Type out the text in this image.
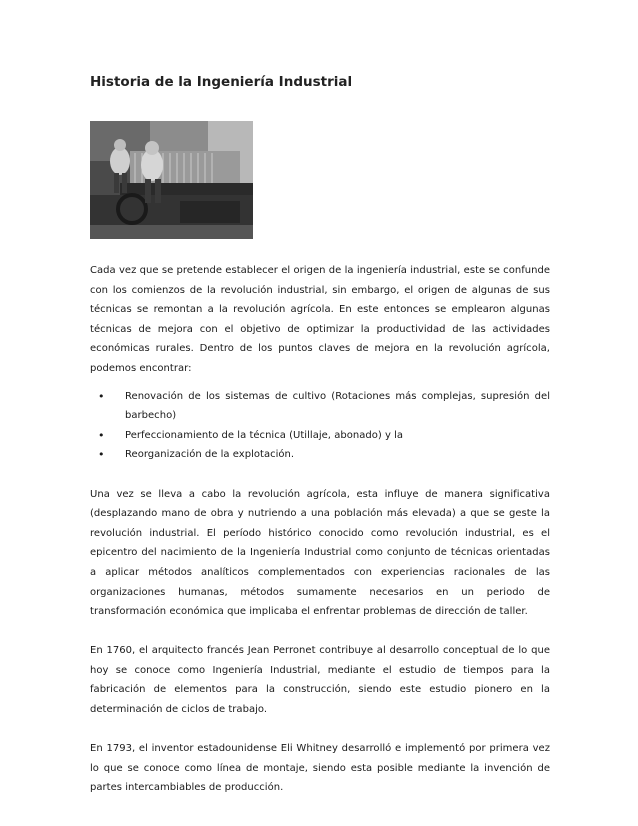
Historia de la Ingeniería Industrial

Cada vez que se pretende establecer el origen de la ingeniería industrial, este se confunde con los comienzos de la revolución industrial, sin embargo, el origen de algunas de sus técnicas se remontan a la revolución agrícola. En este entonces se emplearon algunas técnicas de mejora con el objetivo de optimizar la productividad de las actividades económicas rurales. Dentro de los puntos claves de mejora en la revolución agrícola, podemos encontrar:

• Renovación de los sistemas de cultivo (Rotaciones más complejas, supresión del barbecho)
• Perfeccionamiento de la técnica (Utillaje, abonado) y la
• Reorganización de la explotación.

Una vez se lleva a cabo la revolución agrícola, esta influye de manera significativa (desplazando mano de obra y nutriendo a una población más elevada) a que se geste la revolución industrial. El período histórico conocido como revolución industrial, es el epicentro del nacimiento de la Ingeniería Industrial como conjunto de técnicas orientadas a aplicar métodos analíticos complementados con experiencias racionales de las organizaciones humanas, métodos sumamente necesarios en un periodo de transformación económica que implicaba el enfrentar problemas de dirección de taller.

En 1760, el arquitecto francés Jean Perronet contribuye al desarrollo conceptual de lo que hoy se conoce como Ingeniería Industrial, mediante el estudio de tiempos para la fabricación de elementos para la construcción, siendo este estudio pionero en la determinación de ciclos de trabajo.

En 1793, el inventor estadounidense Eli Whitney desarrolló e implementó por primera vez lo que se conoce como línea de montaje, siendo esta posible mediante la invención de partes intercambiables de producción.
